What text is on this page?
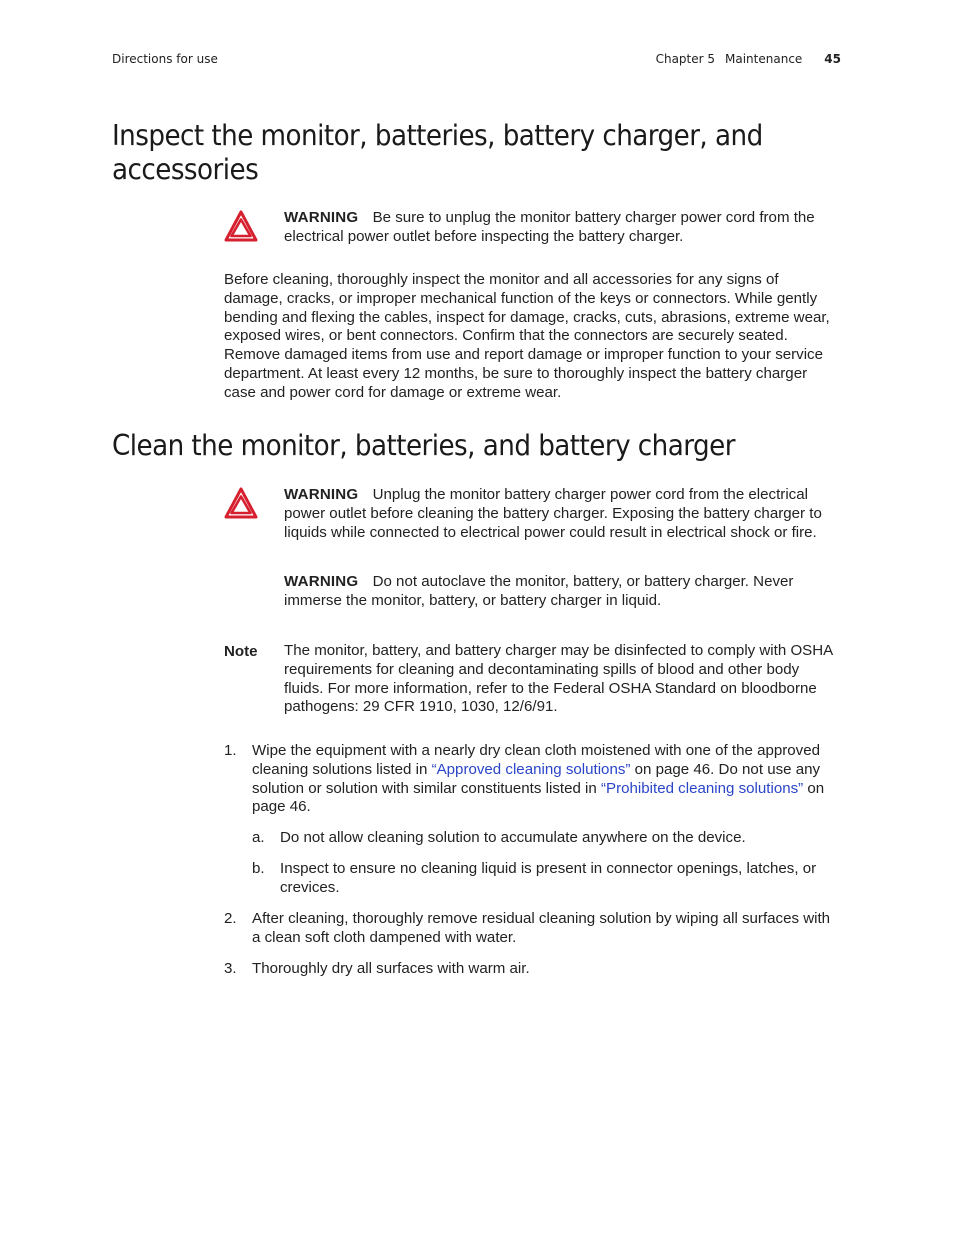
Directions for use	Chapter 5 Maintenance 45
Inspect the monitor, batteries, battery charger, and
accessories
WARNING Be sure to unplug the monitor battery charger power cord from the electrical power outlet before inspecting the battery charger.
Before cleaning, thoroughly inspect the monitor and all accessories for any signs of damage, cracks, or improper mechanical function of the keys or connectors. While gently bending and flexing the cables, inspect for damage, cracks, cuts, abrasions, extreme wear, exposed wires, or bent connectors. Confirm that the connectors are securely seated. Remove damaged items from use and report damage or improper function to your service department. At least every 12 months, be sure to thoroughly inspect the battery charger case and power cord for damage or extreme wear.
Clean the monitor, batteries, and battery charger
WARNING Unplug the monitor battery charger power cord from the electrical power outlet before cleaning the battery charger. Exposing the battery charger to liquids while connected to electrical power could result in electrical shock or fire.
WARNING Do not autoclave the monitor, battery, or battery charger. Never immerse the monitor, battery, or battery charger in liquid.
Note The monitor, battery, and battery charger may be disinfected to comply with OSHA requirements for cleaning and decontaminating spills of blood and other body fluids. For more information, refer to the Federal OSHA Standard on bloodborne pathogens: 29 CFR 1910, 1030, 12/6/91.
1. Wipe the equipment with a nearly dry clean cloth moistened with one of the approved cleaning solutions listed in “Approved cleaning solutions” on page 46. Do not use any solution or solution with similar constituents listed in “Prohibited cleaning solutions” on page 46.
a. Do not allow cleaning solution to accumulate anywhere on the device.
b. Inspect to ensure no cleaning liquid is present in connector openings, latches, or crevices.
2. After cleaning, thoroughly remove residual cleaning solution by wiping all surfaces with a clean soft cloth dampened with water.
3. Thoroughly dry all surfaces with warm air.
